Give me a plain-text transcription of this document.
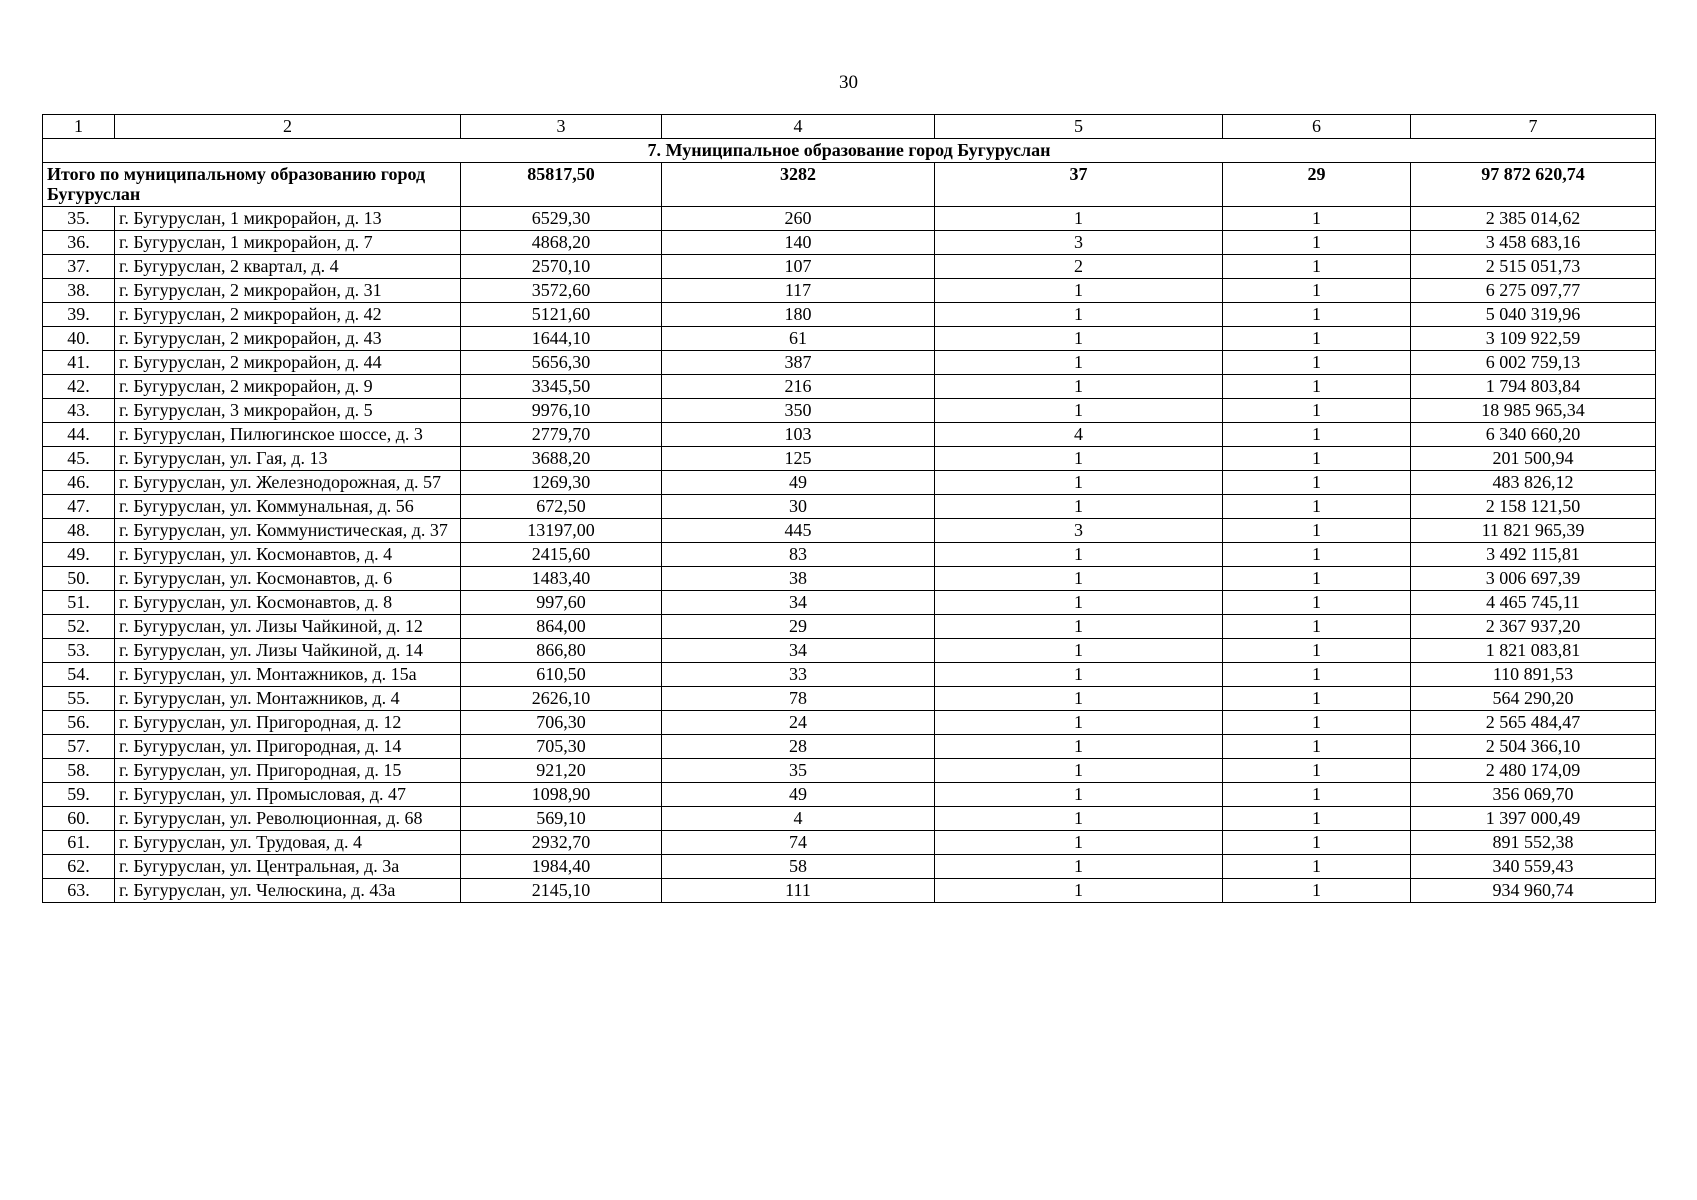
30
1	2	3	4	5	6	7
7. Муниципальное образование город Бугуруслан						
Итого по муниципальному образованию город Бугуруслан		85817,50	3282	37	29	97 872 620,74
35.	г. Бугуруслан, 1 микрорайон, д. 13	6529,30	260	1	1	2 385 014,62
36.	г. Бугуруслан, 1 микрорайон, д. 7	4868,20	140	3	1	3 458 683,16
37.	г. Бугуруслан, 2 квартал, д. 4	2570,10	107	2	1	2 515 051,73
38.	г. Бугуруслан, 2 микрорайон, д. 31	3572,60	117	1	1	6 275 097,77
39.	г. Бугуруслан, 2 микрорайон, д. 42	5121,60	180	1	1	5 040 319,96
40.	г. Бугуруслан, 2 микрорайон, д. 43	1644,10	61	1	1	3 109 922,59
41.	г. Бугуруслан, 2 микрорайон, д. 44	5656,30	387	1	1	6 002 759,13
42.	г. Бугуруслан, 2 микрорайон, д. 9	3345,50	216	1	1	1 794 803,84
43.	г. Бугуруслан, 3 микрорайон, д. 5	9976,10	350	1	1	18 985 965,34
44.	г. Бугуруслан, Пилюгинское шоссе, д. 3	2779,70	103	4	1	6 340 660,20
45.	г. Бугуруслан, ул. Гая, д. 13	3688,20	125	1	1	201 500,94
46.	г. Бугуруслан, ул. Железнодорожная, д. 57	1269,30	49	1	1	483 826,12
47.	г. Бугуруслан, ул. Коммунальная, д. 56	672,50	30	1	1	2 158 121,50
48.	г. Бугуруслан, ул. Коммунистическая, д. 37	13197,00	445	3	1	11 821 965,39
49.	г. Бугуруслан, ул. Космонавтов, д. 4	2415,60	83	1	1	3 492 115,81
50.	г. Бугуруслан, ул. Космонавтов, д. 6	1483,40	38	1	1	3 006 697,39
51.	г. Бугуруслан, ул. Космонавтов, д. 8	997,60	34	1	1	4 465 745,11
52.	г. Бугуруслан, ул. Лизы Чайкиной, д. 12	864,00	29	1	1	2 367 937,20
53.	г. Бугуруслан, ул. Лизы Чайкиной, д. 14	866,80	34	1	1	1 821 083,81
54.	г. Бугуруслан, ул. Монтажников, д. 15а	610,50	33	1	1	110 891,53
55.	г. Бугуруслан, ул. Монтажников, д. 4	2626,10	78	1	1	564 290,20
56.	г. Бугуруслан, ул. Пригородная, д. 12	706,30	24	1	1	2 565 484,47
57.	г. Бугуруслан, ул. Пригородная, д. 14	705,30	28	1	1	2 504 366,10
58.	г. Бугуруслан, ул. Пригородная, д. 15	921,20	35	1	1	2 480 174,09
59.	г. Бугуруслан, ул. Промысловая, д. 47	1098,90	49	1	1	356 069,70
60.	г. Бугуруслан, ул. Революционная, д. 68	569,10	4	1	1	1 397 000,49
61.	г. Бугуруслан, ул. Трудовая, д. 4	2932,70	74	1	1	891 552,38
62.	г. Бугуруслан, ул. Центральная, д. 3а	1984,40	58	1	1	340 559,43
63.	г. Бугуруслан, ул. Челюскина, д. 43а	2145,10	111	1	1	934 960,74
